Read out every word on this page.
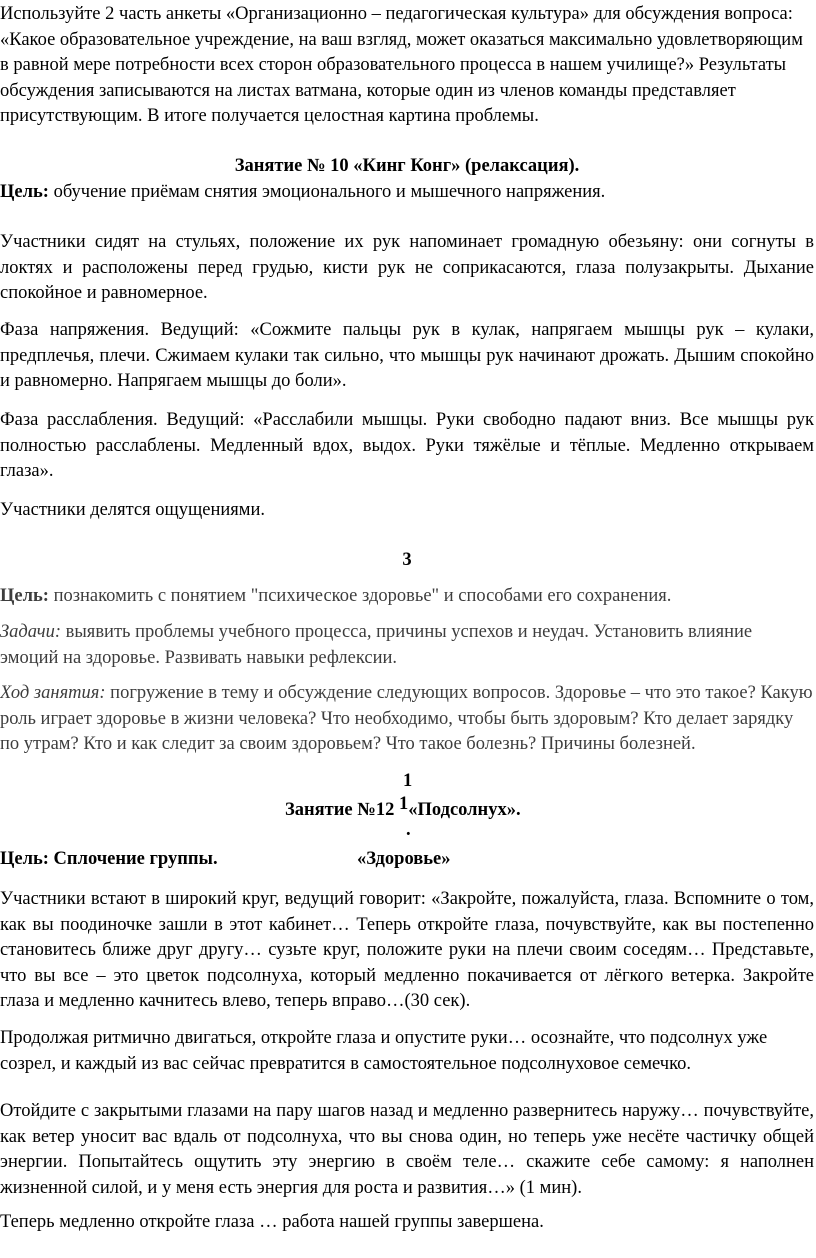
Используйте 2 часть анкеты «Организационно – педагогическая культура» для обсуждения вопроса: «Какое образовательное учреждение, на ваш взгляд, может оказаться максимально удовлетворяющим в равной мере потребности всех сторон образовательного процесса в нашем училище?» Результаты обсуждения записываются на листах ватмана, которые один из членов команды представляет присутствующим. В итоге получается целостная картина проблемы.

Занятие № 10 «Кинг Конг» (релаксация).

Цель: обучение приёмам снятия эмоционального и мышечного напряжения.

Участники сидят на стульях, положение их рук напоминает громадную обезьяну: они согнуты в локтях и расположены перед грудью, кисти рук не соприкасаются, глаза полузакрыты. Дыхание спокойное и равномерное.

Фаза напряжения. Ведущий: «Сожмите пальцы рук в кулак, напрягаем мышцы рук – кулаки, предплечья, плечи. Сжимаем кулаки так сильно, что мышцы рук начинают дрожать. Дышим спокойно и равномерно. Напрягаем мышцы до боли».

Фаза расслабления. Ведущий: «Расслабили мышцы. Руки свободно падают вниз. Все мышцы рук полностью расслаблены. Медленный вдох, выдох. Руки тяжёлые и тёплые. Медленно открываем глаза».

Участники делятся ощущениями.

3

Цель: познакомить с понятием "психическое здоровье" и способами его сохранения.

Задачи: выявить проблемы учебного процесса, причины успехов и неудач. Установить влияние эмоций на здоровье. Развивать навыки рефлексии.

Ход занятия: погружение в тему и обсуждение следующих вопросов. Здоровье – что это такое? Какую роль играет здоровье в жизни человека? Что необходимо, чтобы быть здоровым? Кто делает зарядку по утрам? Кто и как следит за своим здоровьем? Что такое болезнь? Причины болезней.

1

Занятие №12 1«Подсолнух».

.

Цель: Сплочение группы.	«Здоровье»

Участники встают в широкий круг, ведущий говорит: «Закройте, пожалуйста, глаза. Вспомните о том, как вы поодиночке зашли в этот кабинет… Теперь откройте глаза, почувствуйте, как вы постепенно становитесь ближе друг другу… сузьте круг, положите руки на плечи своим соседям… Представьте, что вы все – это цветок подсолнуха, который медленно покачивается от лёгкого ветерка. Закройте глаза и медленно качнитесь влево, теперь вправо…(30 сек).

Продолжая ритмично двигаться, откройте глаза и опустите руки… осознайте, что подсолнух уже созрел, и каждый из вас сейчас превратится в самостоятельное подсолнуховое семечко.

Отойдите с закрытыми глазами на пару шагов назад и медленно развернитесь наружу… почувствуйте, как ветер уносит вас вдаль от подсолнуха, что вы снова один, но теперь уже несёте частичку общей энергии. Попытайтесь ощутить эту энергию в своём теле… скажите себе самому: я наполнен жизненной силой, и у меня есть энергия для роста и развития…» (1 мин).

Теперь медленно откройте глаза … работа нашей группы завершена.
